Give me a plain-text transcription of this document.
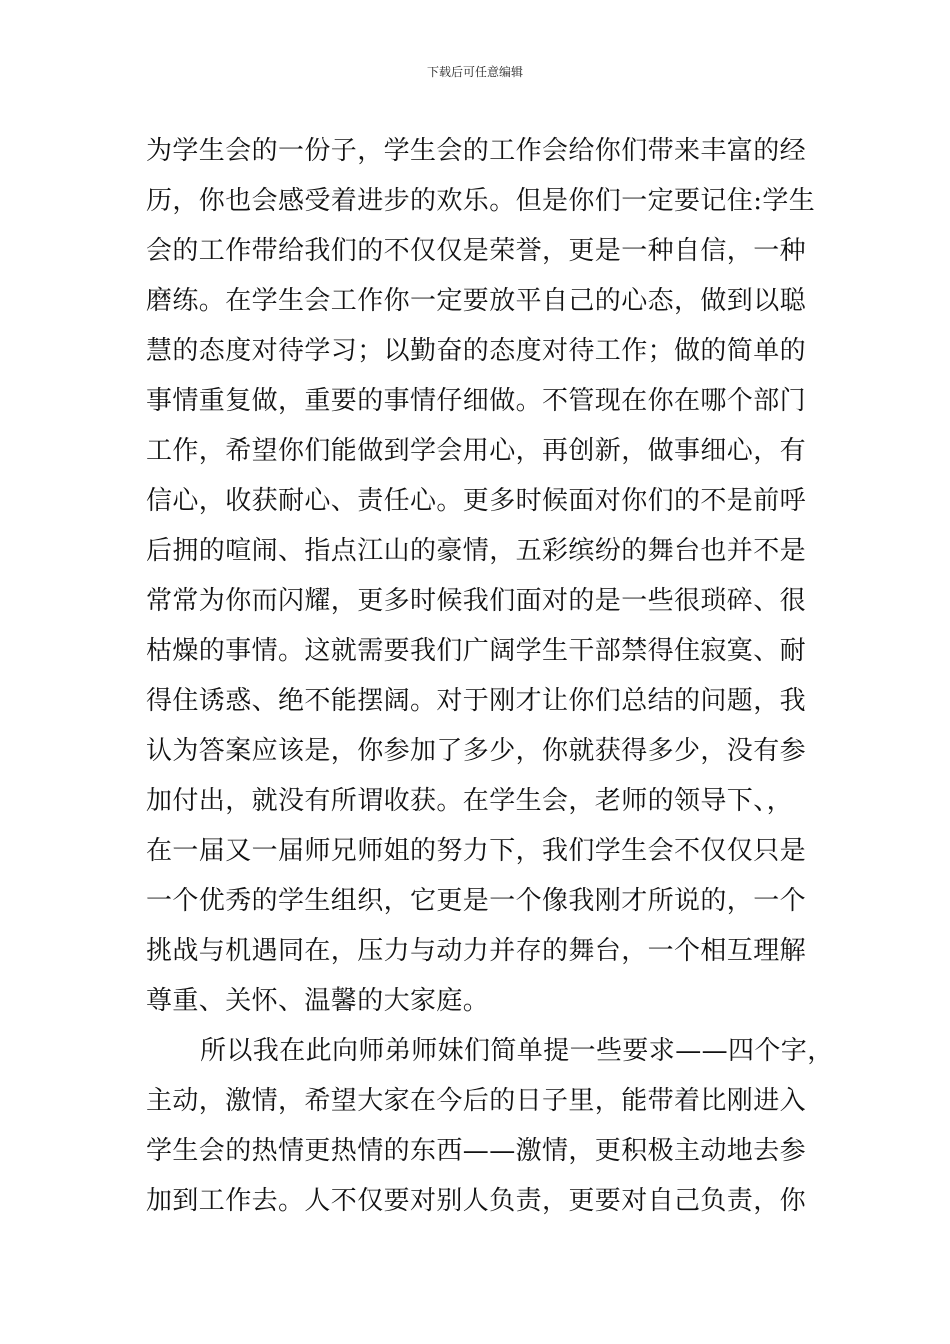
下载后可任意编辑
为学生会的一份子，学生会的工作会给你们带来丰富的经
历，你也会感受着进步的欢乐。但是你们一定要记住:学生
会的工作带给我们的不仅仅是荣誉，更是一种自信，一种
磨练。在学生会工作你一定要放平自己的心态，做到以聪
慧的态度对待学习；以勤奋的态度对待工作；做的简单的
事情重复做，重要的事情仔细做。不管现在你在哪个部门
工作，希望你们能做到学会用心，再创新，做事细心，有
信心，收获耐心、责任心。更多时候面对你们的不是前呼
后拥的喧闹、指点江山的豪情，五彩缤纷的舞台也并不是
常常为你而闪耀，更多时候我们面对的是一些很琐碎、很
枯燥的事情。这就需要我们广阔学生干部禁得住寂寞、耐
得住诱惑、绝不能摆阔。对于刚才让你们总结的问题，我
认为答案应该是，你参加了多少，你就获得多少，没有参
加付出，就没有所谓收获。在学生会，老师的领导下、，
在一届又一届师兄师姐的努力下，我们学生会不仅仅只是
一个优秀的学生组织，它更是一个像我刚才所说的，一个
挑战与机遇同在，压力与动力并存的舞台，一个相互理解
尊重、关怀、温馨的大家庭。
所以我在此向师弟师妹们简单提一些要求——四个字，
主动，激情，希望大家在今后的日子里，能带着比刚进入
学生会的热情更热情的东西——激情，更积极主动地去参
加到工作去。人不仅要对别人负责，更要对自己负责，你
